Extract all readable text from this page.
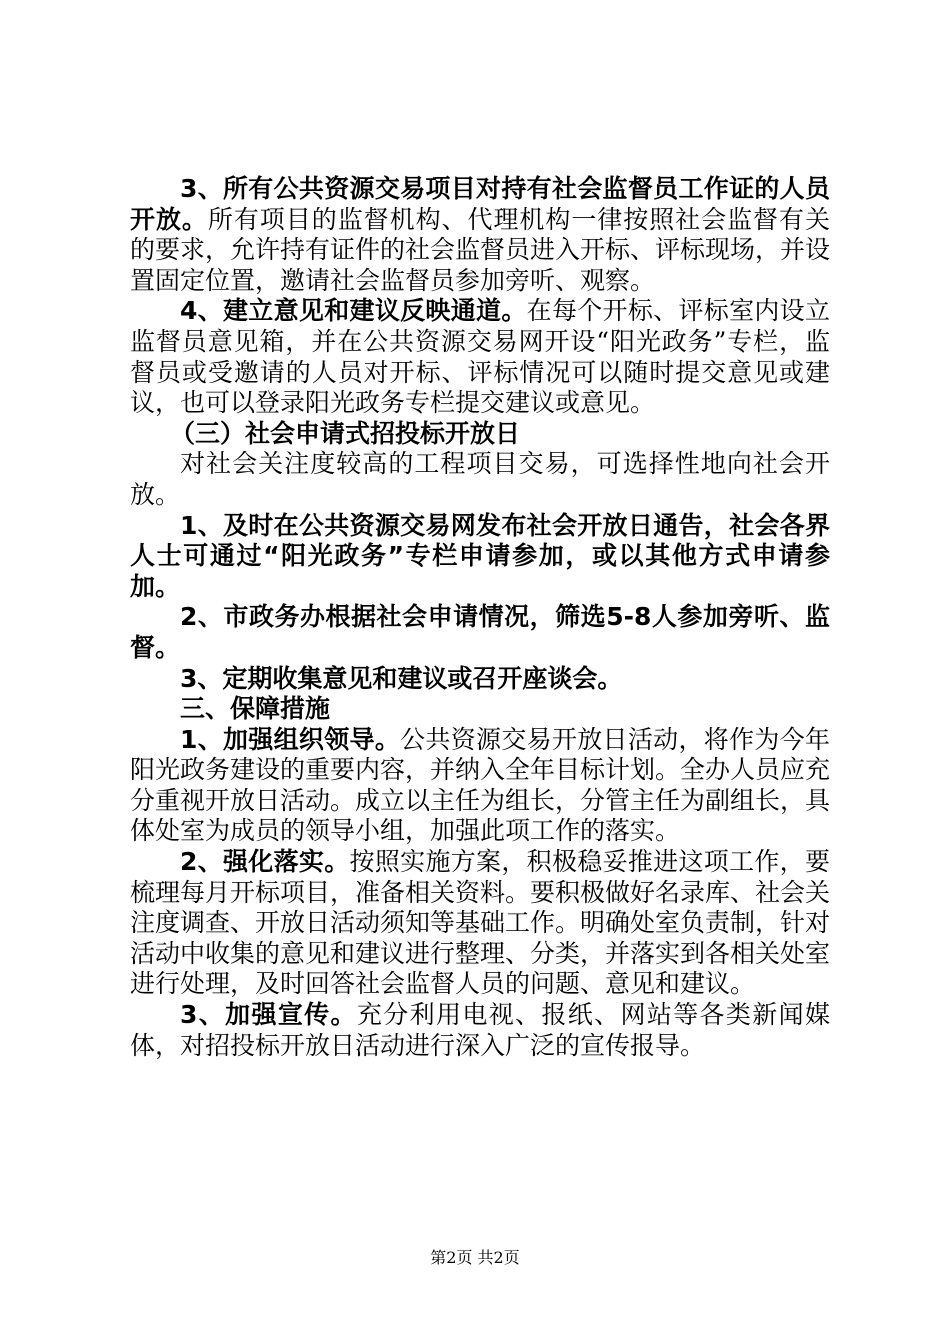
3、所有公共资源交易项目对持有社会监督员工作证的人员开放。所有项目的监督机构、代理机构一律按照社会监督有关的要求，允许持有证件的社会监督员进入开标、评标现场，并设置固定位置，邀请社会监督员参加旁听、观察。

4、建立意见和建议反映通道。在每个开标、评标室内设立监督员意见箱，并在公共资源交易网开设“阳光政务”专栏，监督员或受邀请的人员对开标、评标情况可以随时提交意见或建议，也可以登录阳光政务专栏提交建议或意见。

（三）社会申请式招投标开放日

对社会关注度较高的工程项目交易，可选择性地向社会开放。

1、及时在公共资源交易网发布社会开放日通告，社会各界人士可通过“阳光政务”专栏申请参加，或以其他方式申请参加。

2、市政务办根据社会申请情况，筛选5-8人参加旁听、监督。

3、定期收集意见和建议或召开座谈会。

三、保障措施

1、加强组织领导。公共资源交易开放日活动，将作为今年阳光政务建设的重要内容，并纳入全年目标计划。全办人员应充分重视开放日活动。成立以主任为组长，分管主任为副组长，具体处室为成员的领导小组，加强此项工作的落实。

2、强化落实。按照实施方案，积极稳妥推进这项工作，要梳理每月开标项目，准备相关资料。要积极做好名录库、社会关注度调查、开放日活动须知等基础工作。明确处室负责制，针对活动中收集的意见和建议进行整理、分类，并落实到各相关处室进行处理，及时回答社会监督人员的问题、意见和建议。

3、加强宣传。充分利用电视、报纸、网站等各类新闻媒体，对招投标开放日活动进行深入广泛的宣传报导。

第2页 共2页
